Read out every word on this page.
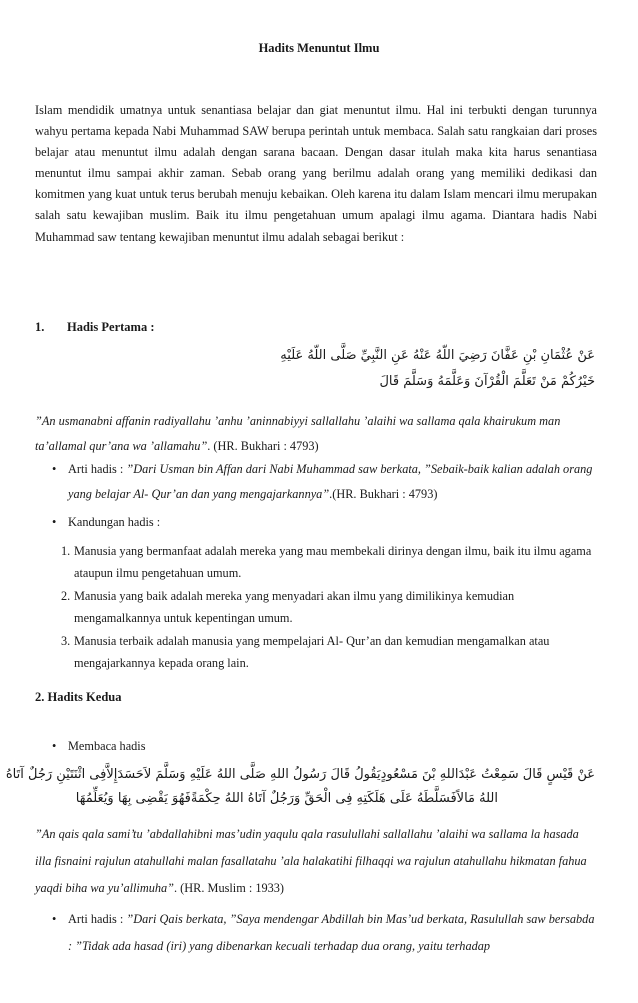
Hadits Menuntut Ilmu
Islam mendidik umatnya untuk senantiasa belajar dan giat menuntut ilmu. Hal ini terbukti dengan turunnya wahyu pertama kepada Nabi Muhammad SAW berupa perintah untuk membaca. Salah satu rangkaian dari proses belajar atau menuntut ilmu adalah dengan sarana bacaan. Dengan dasar itulah maka kita harus senantiasa menuntut ilmu sampai akhir zaman. Sebab orang yang berilmu adalah orang yang memiliki dedikasi dan komitmen yang kuat untuk terus berubah menuju kebaikan. Oleh karena itu dalam Islam mencari ilmu merupakan salah satu kewajiban muslim. Baik itu ilmu pengetahuan umum apalagi ilmu agama. Diantara hadis Nabi Muhammad saw tentang kewajiban menuntut ilmu adalah sebagai berikut :
1. Hadis Pertama :
عَنْ عُثْمَانِ بْنِ عَفَّانَ رَضِيَ اللّهُ عَنْهُ عَنِ النَّبِيِّ صَلَّى اللّهُ عَلَيْهِ
خَيْرُكُمْ مَنْ تَعَلَّمَ الْقُرْآنَ وَعَلَّمَهُ وَسَلَّمَ قَالَ
”An usmanabni affanin radiyallahu ’anhu ’aninnabiyyi sallallahu ’alaihi wa sallama qala khairukum man ta’allamal qur’ana wa ’allamahu”. (HR. Bukhari : 4793)
• Arti hadis : ”Dari Usman bin Affan dari Nabi Muhammad saw berkata, ”Sebaik-baik kalian adalah orang yang belajar Al- Qur’an dan yang mengajarkannya”.(HR. Bukhari : 4793)
• Kandungan hadis :
1. Manusia yang bermanfaat adalah mereka yang mau membekali dirinya dengan ilmu, baik itu ilmu agama ataupun ilmu pengetahuan umum.
2. Manusia yang baik adalah mereka yang menyadari akan ilmu yang dimilikinya kemudian mengamalkannya untuk kepentingan umum.
3. Manusia terbaik adalah manusia yang mempelajari Al- Qur’an dan kemudian mengamalkan atau mengajarkannya kepada orang lain.
2. Hadits Kedua
• Membaca hadis
عَنْ قَيْسٍ قَالَ سَمِعْتُ عَبْدَاللهِ بْنَ مَسْعُودٍيَقُولُ قَالَ رَسُولُ اللهِ صَلَّى اللهُ عَلَيْهِ وَسَلَّمَ لاَحَسَدَإِلاَّفِى اثْنَتَيْنِ رَجُلٌ آتَاهُ
اللهُ مَالاًفَسَلَّطَهُ عَلَى هَلَكَتِهِ فِى الْحَقِّ وَرَجُلٌ آتَاهُ اللهُ حِكْمَةًفَهُوَ يَقْضِى بِهَا وَيُعَلِّمُهَا
”An qais qala sami’tu ’abdallahibni mas’udin yaqulu qala rasulullahi sallallahu ’alaihi wa sallama la hasada illa fisnaini rajulun atahullahi malan fasallatahu ’ala halakatihi filhaqqi wa rajulun atahullahu hikmatan fahua yaqdi biha wa yu’allimuha”. (HR. Muslim : 1933)
• Arti hadis : ”Dari Qais berkata, ”Saya mendengar Abdillah bin Mas’ud berkata, Rasulullah saw bersabda : ”Tidak ada hasad (iri) yang dibenarkan kecuali terhadap dua orang, yaitu terhadap
